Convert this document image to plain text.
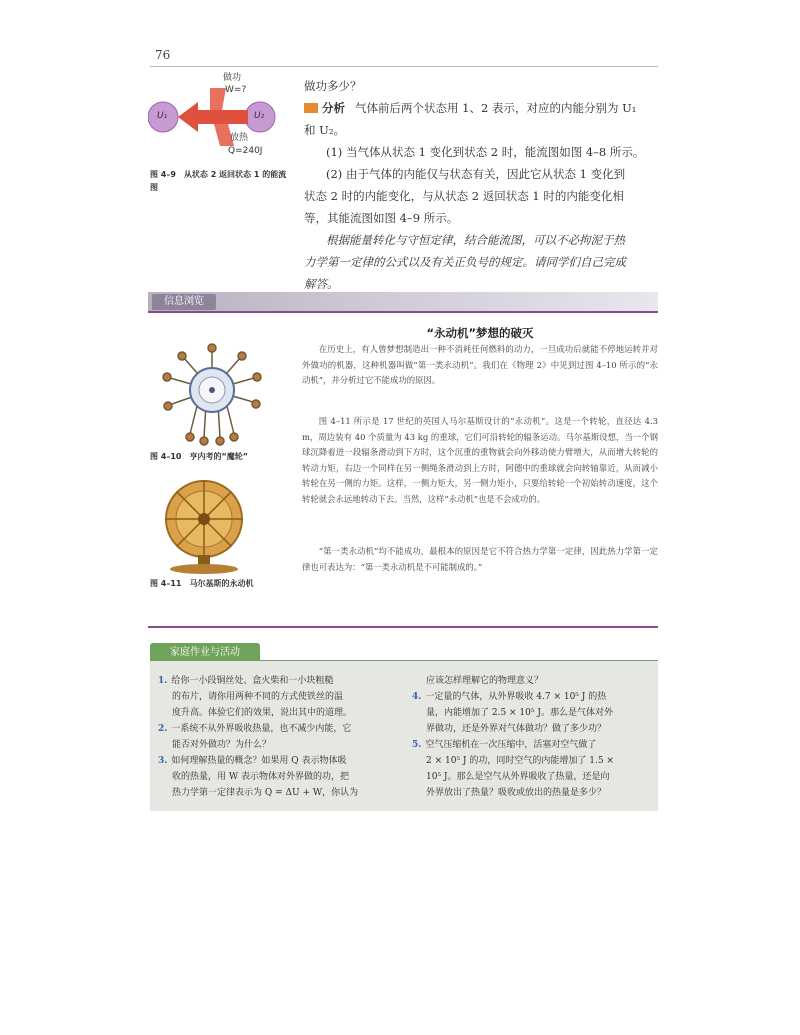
76
U₁	U₂
做功
W=?
放热
Q=240J
图 4–9　从状态 2 返回状态 1 的能流图
做功多少？
分析 气体前后两个状态用 1、2 表示，对应的内能分别为 U₁
和 U₂。
(1) 当气体从状态 1 变化到状态 2 时，能流图如图 4–8 所示。
(2) 由于气体的内能仅与状态有关，因此它从状态 1 变化到
状态 2 时的内能变化，与从状态 2 返回状态 1 时的内能变化相
等，其能流图如图 4–9 所示。
根据能量转化与守恒定律，结合能流图，可以不必拘泥于热
力学第一定律的公式以及有关正负号的规定。请同学们自己完成
解答。
信息浏览
“永动机”梦想的破灭
在历史上，有人曾梦想制造出一种不消耗任何燃料的动力，一旦成功后就能不停地运转并对外做功的机器，这种机器叫做“第一类永动机”。我们在《物理 2》中见到过图 4–10 所示的“永动机”，并分析过它不能成功的原因。
图 4–11 所示是 17 世纪的英国人马尔基斯设计的“永动机”。这是一个转轮，直径达 4.3 m，周边装有 40 个质量为 43 kg 的重球，它们可沿转轮的辐条运动。马尔基斯设想，当一个钢球沉降着进一段辐条滑动到下方时，这个沉重的重物就会向外移动使力臂增大，从而增大转轮的转动力矩，右边一个同样在另一侧绳条滑动到上方时，阿德中的重球就会向转轴靠近，从而减小转轮在另一侧的力矩。这样，一侧力矩大，另一侧力矩小，只要给转轮一个初始转动速度，这个转轮就会永远地转动下去。当然，这样“永动机”也是不会成功的。
“第一类永动机”均不能成功，最根本的原因是它不符合热力学第一定律，因此热力学第一定律也可表达为：“第一类永动机是不可能制成的。”
图 4–10　亨内考的“魔轮”
图 4–11　马尔基斯的永动机
家庭作业与活动
1. 给你一小段铜丝处、盒火柴和一小块粗糙
的布片，请你用两种不同的方式使铁丝的温
度升高。体验它们的效果，说出其中的道理。
2. 一系统不从外界吸收热量，也不减少内能，它
能否对外做功？为什么？
3. 如何理解热量的概念？如果用 Q 表示物体吸
收的热量，用 W 表示物体对外界做的功，把
热力学第一定律表示为 Q = ΔU + W，你认为
应该怎样理解它的物理意义？
4. 一定量的气体，从外界吸收 4.7 × 10⁵ J 的热
量，内能增加了 2.5 × 10⁵ J。那么是气体对外
界做功，还是外界对气体做功？做了多少功？
5. 空气压缩机在一次压缩中，活塞对空气做了
2 × 10⁵ J 的功，同时空气的内能增加了 1.5 ×
10⁵ J。那么是空气从外界吸收了热量，还是向
外界放出了热量？吸收或放出的热量是多少？
